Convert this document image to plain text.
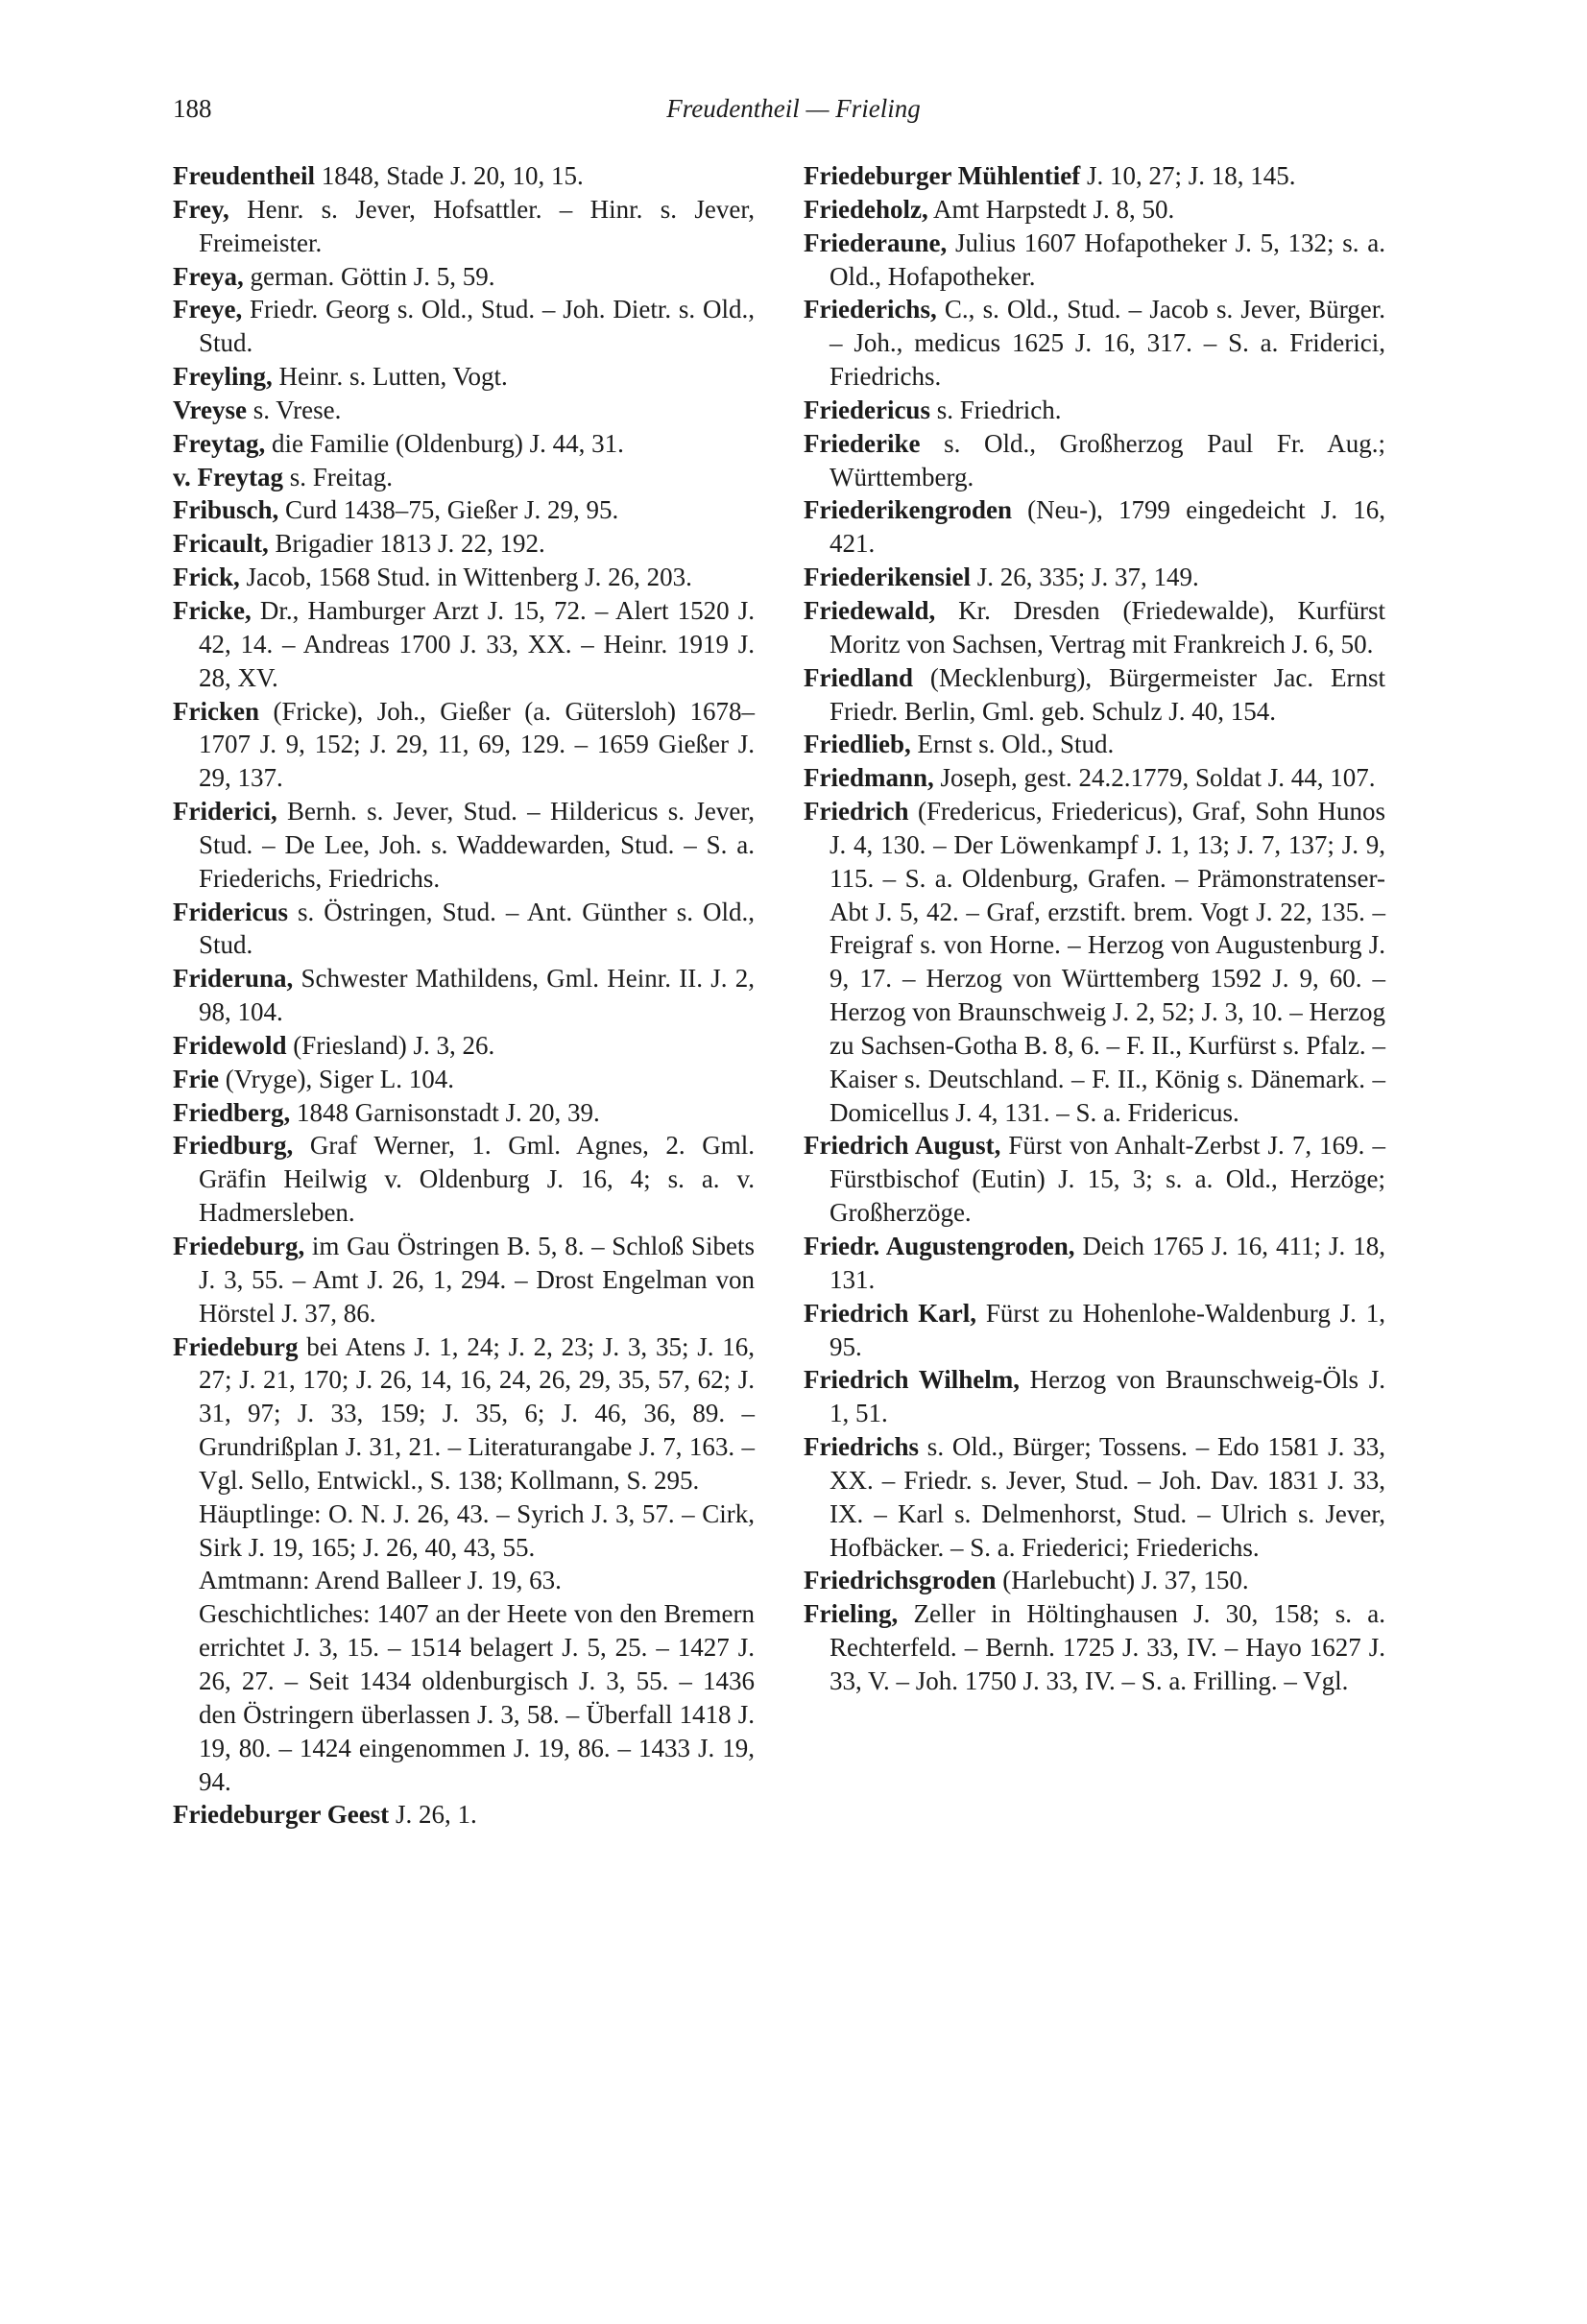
188	Freudentheil — Frieling

Freudentheil 1848, Stade J. 20, 10, 15.

Frey, Henr. s. Jever, Hofsattler. – Hinr. s. Jever, Freimeister.

Freya, german. Göttin J. 5, 59.

Freye, Friedr. Georg s. Old., Stud. – Joh. Dietr. s. Old., Stud.

Freyling, Heinr. s. Lutten, Vogt.

Vreyse s. Vrese.

Freytag, die Familie (Oldenburg) J. 44, 31.

v. Freytag s. Freitag.

Fribusch, Curd 1438–75, Gießer J. 29, 95.

Fricault, Brigadier 1813 J. 22, 192.

Frick, Jacob, 1568 Stud. in Wittenberg J. 26, 203.

Fricke, Dr., Hamburger Arzt J. 15, 72. – Alert 1520 J. 42, 14. – Andreas 1700 J. 33, XX. – Heinr. 1919 J. 28, XV.

Fricken (Fricke), Joh., Gießer (a. Gütersloh) 1678–1707 J. 9, 152; J. 29, 11, 69, 129. – 1659 Gießer J. 29, 137.

Friderici, Bernh. s. Jever, Stud. – Hildericus s. Jever, Stud. – De Lee, Joh. s. Waddewarden, Stud. – S. a. Friederichs, Friedrichs.

Fridericus s. Östringen, Stud. – Ant. Günther s. Old., Stud.

Frideruna, Schwester Mathildens, Gml. Heinr. II. J. 2, 98, 104.

Fridewold (Friesland) J. 3, 26.

Frie (Vryge), Siger L. 104.

Friedberg, 1848 Garnisonstadt J. 20, 39.

Friedburg, Graf Werner, 1. Gml. Agnes, 2. Gml. Gräfin Heilwig v. Oldenburg J. 16, 4; s. a. v. Hadmersleben.

Friedeburg, im Gau Östringen B. 5, 8. – Schloß Sibets J. 3, 55. – Amt J. 26, 1, 294. – Drost Engelman von Hörstel J. 37, 86.

Friedeburg bei Atens J. 1, 24; J. 2, 23; J. 3, 35; J. 16, 27; J. 21, 170; J. 26, 14, 16, 24, 26, 29, 35, 57, 62; J. 31, 97; J. 33, 159; J. 35, 6; J. 46, 36, 89. – Grundrißplan J. 31, 21. – Literaturangabe J. 7, 163. – Vgl. Sello, Entwickl., S. 138; Kollmann, S. 295.

Häuptlinge: O. N. J. 26, 43. – Syrich J. 3, 57. – Cirk, Sirk J. 19, 165; J. 26, 40, 43, 55.

Amtmann: Arend Balleer J. 19, 63.

Geschichtliches: 1407 an der Heete von den Bremern errichtet J. 3, 15. – 1514 belagert J. 5, 25. – 1427 J. 26, 27. – Seit 1434 oldenburgisch J. 3, 55. – 1436 den Östringern überlassen J. 3, 58. – Überfall 1418 J. 19, 80. – 1424 eingenommen J. 19, 86. – 1433 J. 19, 94.

Friedeburger Geest J. 26, 1.

Friedeburger Mühlentief J. 10, 27; J. 18, 145.

Friedeholz, Amt Harpstedt J. 8, 50.

Friederaune, Julius 1607 Hofapotheker J. 5, 132; s. a. Old., Hofapotheker.

Friederichs, C., s. Old., Stud. – Jacob s. Jever, Bürger. – Joh., medicus 1625 J. 16, 317. – S. a. Friderici, Friedrichs.

Friedericus s. Friedrich.

Friederike s. Old., Großherzog Paul Fr. Aug.; Württemberg.

Friederikengroden (Neu-), 1799 eingedeicht J. 16, 421.

Friederikensiel J. 26, 335; J. 37, 149.

Friedewald, Kr. Dresden (Friedewalde), Kurfürst Moritz von Sachsen, Vertrag mit Frankreich J. 6, 50.

Friedland (Mecklenburg), Bürgermeister Jac. Ernst Friedr. Berlin, Gml. geb. Schulz J. 40, 154.

Friedlieb, Ernst s. Old., Stud.

Friedmann, Joseph, gest. 24.2.1779, Soldat J. 44, 107.

Friedrich (Fredericus, Friedericus), Graf, Sohn Hunos J. 4, 130. – Der Löwenkampf J. 1, 13; J. 7, 137; J. 9, 115. – S. a. Oldenburg, Grafen. – Prämonstratenser-Abt J. 5, 42. – Graf, erzstift. brem. Vogt J. 22, 135. – Freigraf s. von Horne. – Herzog von Augustenburg J. 9, 17. – Herzog von Württemberg 1592 J. 9, 60. – Herzog von Braunschweig J. 2, 52; J. 3, 10. – Herzog zu Sachsen-Gotha B. 8, 6. – F. II., Kurfürst s. Pfalz. – Kaiser s. Deutschland. – F. II., König s. Dänemark. – Domicellus J. 4, 131. – S. a. Fridericus.

Friedrich August, Fürst von Anhalt-Zerbst J. 7, 169. – Fürstbischof (Eutin) J. 15, 3; s. a. Old., Herzöge; Großherzöge.

Friedr. Augustengroden, Deich 1765 J. 16, 411; J. 18, 131.

Friedrich Karl, Fürst zu Hohenlohe-Waldenburg J. 1, 95.

Friedrich Wilhelm, Herzog von Braunschweig-Öls J. 1, 51.

Friedrichs s. Old., Bürger; Tossens. – Edo 1581 J. 33, XX. – Friedr. s. Jever, Stud. – Joh. Dav. 1831 J. 33, IX. – Karl s. Delmenhorst, Stud. – Ulrich s. Jever, Hofbäcker. – S. a. Friederici; Friederichs.

Friedrichsgroden (Harlebucht) J. 37, 150.

Frieling, Zeller in Höltinghausen J. 30, 158; s. a. Rechterfeld. – Bernh. 1725 J. 33, IV. – Hayo 1627 J. 33, V. – Joh. 1750 J. 33, IV. – S. a. Frilling. – Vgl.
